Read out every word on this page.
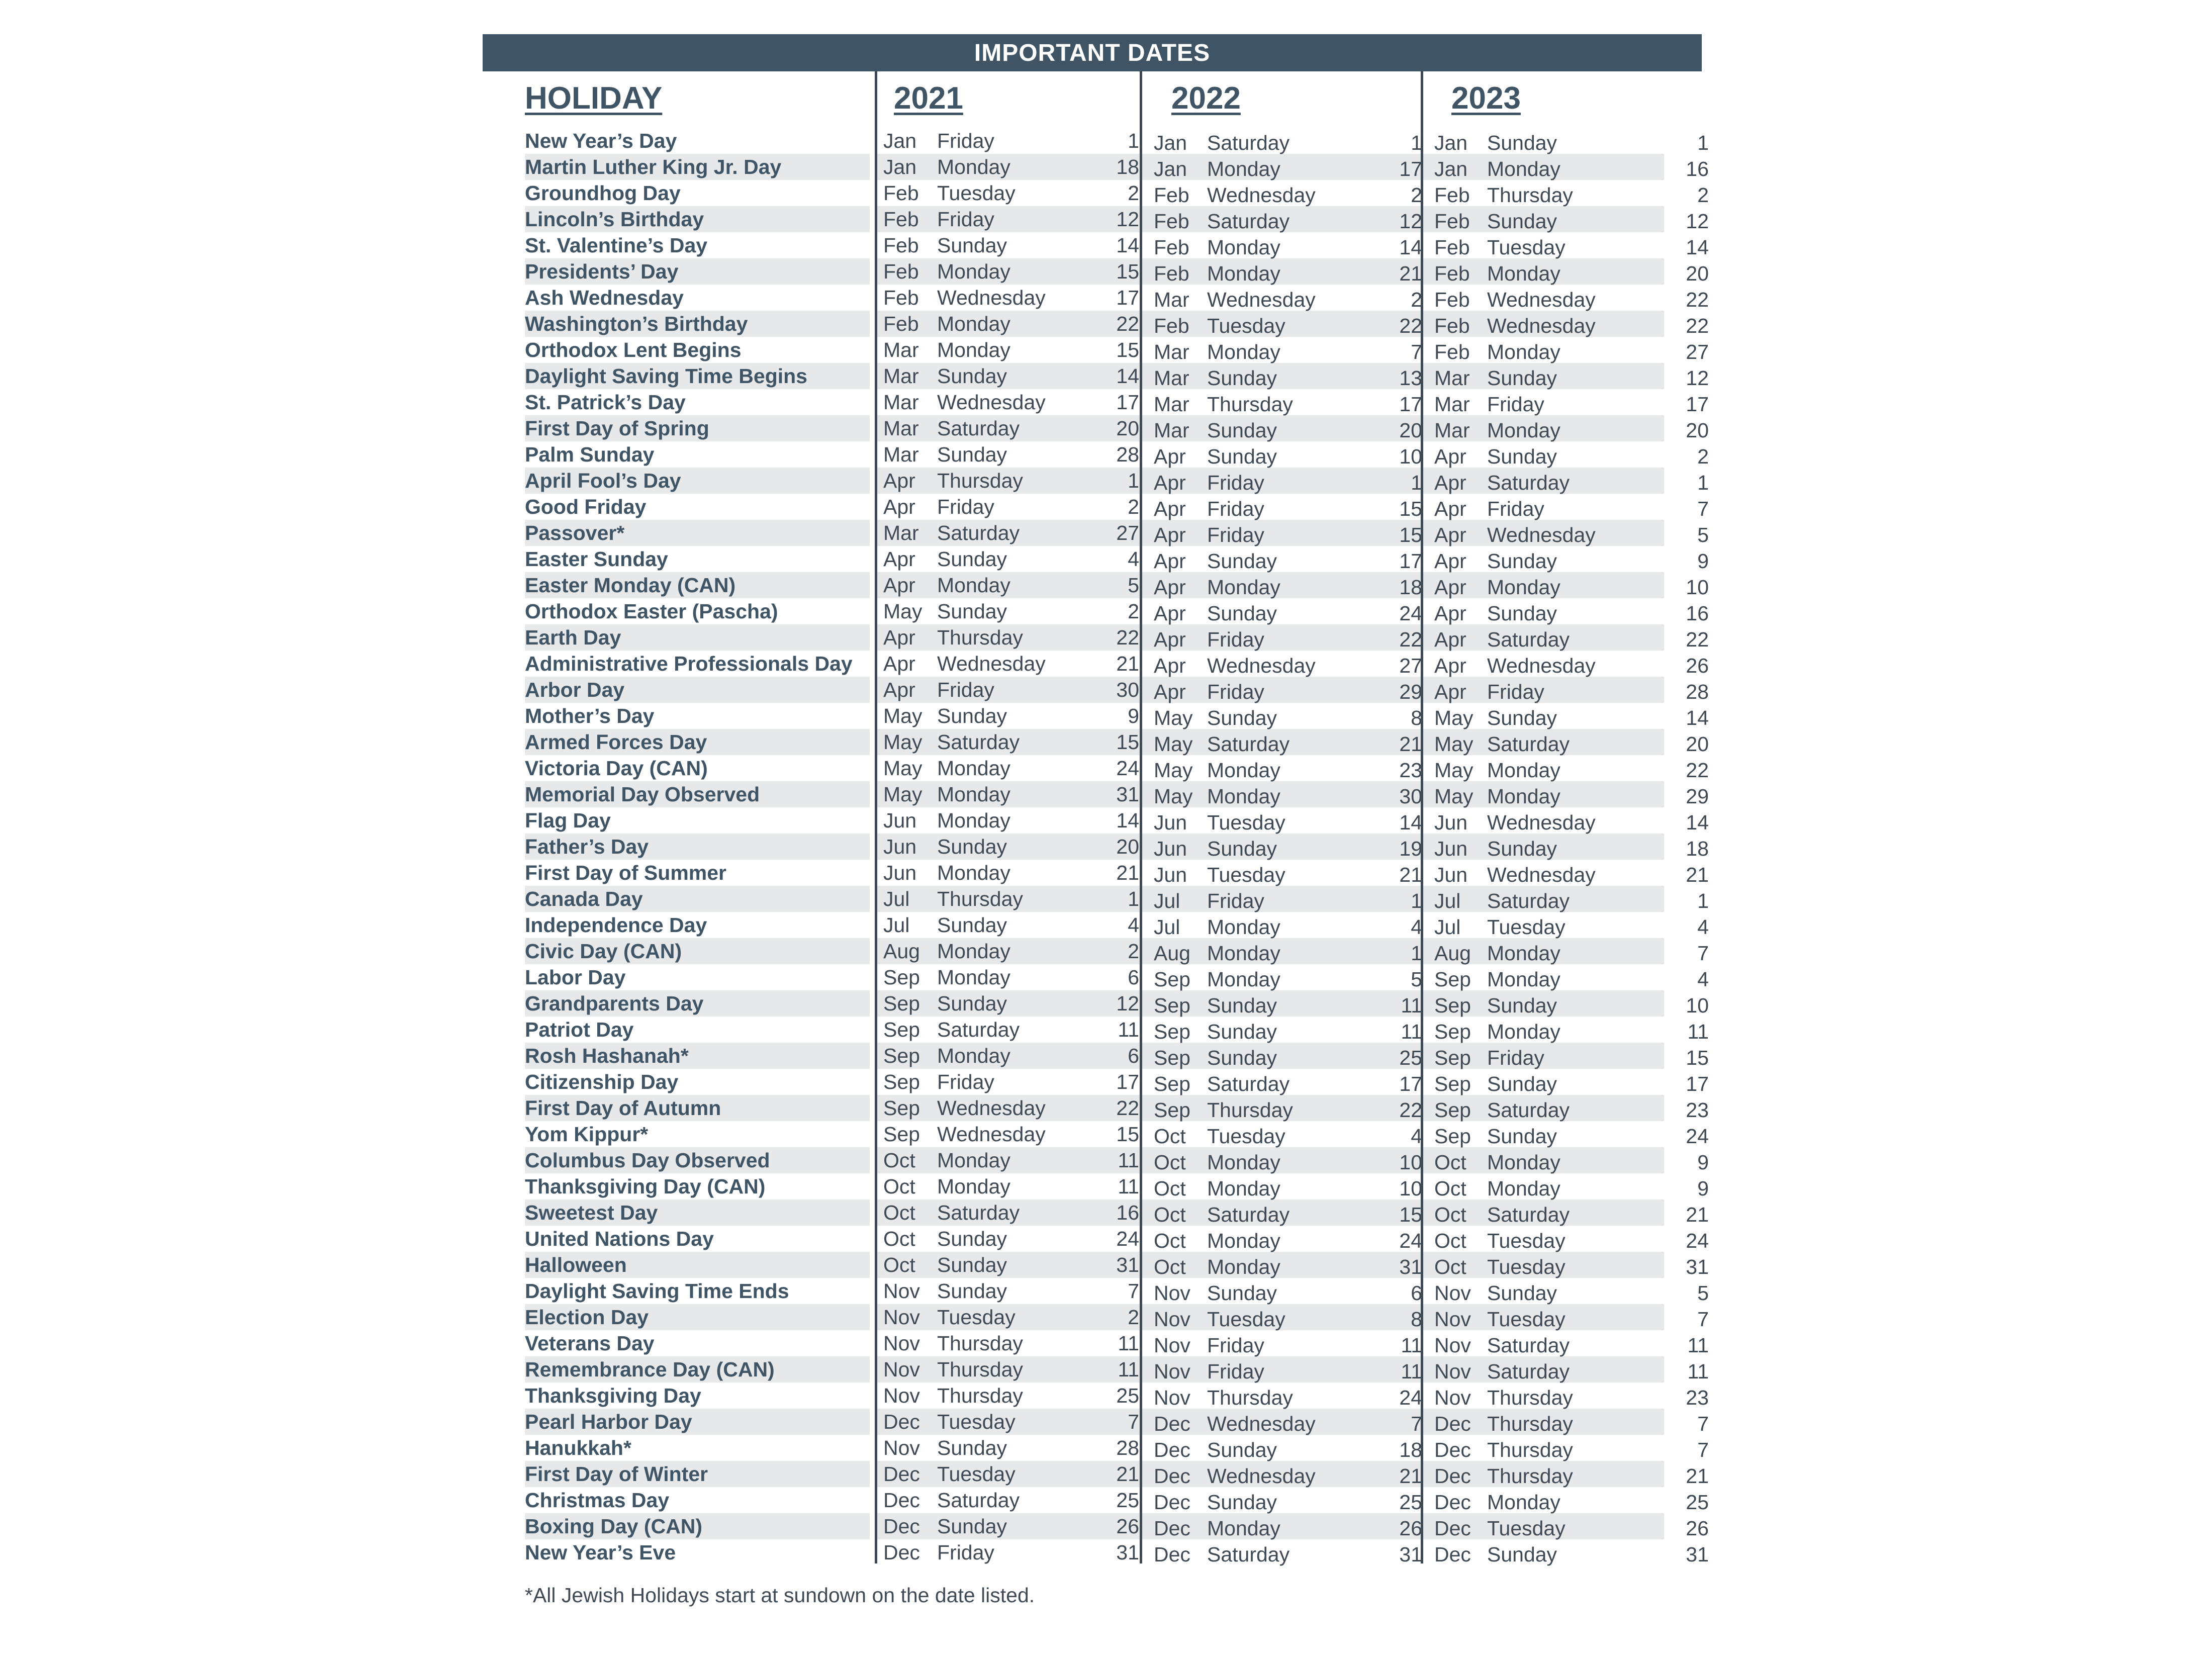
IMPORTANT DATES
HOLIDAY	2021	2022	2023
New Year’s Day	Jan Friday	1 Jan Saturday	1 Jan Sunday	1
Martin Luther King Jr. Day	Jan Monday	18 Jan Monday	17 Jan Monday	16
Groundhog Day	Feb Tuesday	2 Feb Wednesday	2 Feb Thursday	2
Lincoln’s Birthday	Feb Friday	12 Feb Saturday	12 Feb Sunday	12
St. Valentine’s Day	Feb Sunday	14 Feb Monday	14 Feb Tuesday	14
Presidents’ Day	Feb Monday	15 Feb Monday	21 Feb Monday	20
Ash Wednesday	Feb Wednesday	17 Mar Wednesday	2 Feb Wednesday	22
Washington’s Birthday	Feb Monday	22 Feb Tuesday	22 Feb Wednesday	22
Orthodox Lent Begins	Mar Monday	15 Mar Monday	7 Feb Monday	27
Daylight Saving Time Begins	Mar Sunday	14 Mar Sunday	13 Mar Sunday	12
St. Patrick’s Day	Mar Wednesday	17 Mar Thursday	17 Mar Friday	17
First Day of Spring	Mar Saturday	20 Mar Sunday	20 Mar Monday	20
Palm Sunday	Mar Sunday	28 Apr Sunday	10 Apr Sunday	2
April Fool’s Day	Apr Thursday	1 Apr Friday	1 Apr Saturday	1
Good Friday	Apr Friday	2 Apr Friday	15 Apr Friday	7
Passover*	Mar Saturday	27 Apr Friday	15 Apr Wednesday	5
Easter Sunday	Apr Sunday	4 Apr Sunday	17 Apr Sunday	9
Easter Monday (CAN)	Apr Monday	5 Apr Monday	18 Apr Monday	10
Orthodox Easter (Pascha)	May Sunday	2 Apr Sunday	24 Apr Sunday	16
Earth Day	Apr Thursday	22 Apr Friday	22 Apr Saturday	22
Administrative Professionals Day Apr Wednesday	21 Apr Wednesday	27 Apr Wednesday	26
Arbor Day	Apr Friday	30 Apr Friday	29 Apr Friday	28
Mother’s Day	May Sunday	9 May Sunday	8 May Sunday	14
Armed Forces Day	May Saturday	15 May Saturday	21 May Saturday	20
Victoria Day (CAN)	May Monday	24 May Monday	23 May Monday	22
Memorial Day Observed	May Monday	31 May Monday	30 May Monday	29
Flag Day	Jun Monday	14 Jun Tuesday	14 Jun Wednesday	14
Father’s Day	Jun Sunday	20 Jun Sunday	19 Jun Sunday	18
First Day of Summer	Jun Monday	21 Jun Tuesday	21 Jun Wednesday	21
Canada Day	Jul Thursday	1 Jul Friday	1 Jul Saturday	1
Independence Day	Jul Sunday	4 Jul Monday	4 Jul Tuesday	4
Civic Day (CAN)	Aug Monday	2 Aug Monday	1 Aug Monday	7
Labor Day	Sep Monday	6 Sep Monday	5 Sep Monday	4
Grandparents Day	Sep Sunday	12 Sep Sunday	11 Sep Sunday	10
Patriot Day	Sep Saturday	11 Sep Sunday	11 Sep Monday	11
Rosh Hashanah*	Sep Monday	6 Sep Sunday	25 Sep Friday	15
Citizenship Day	Sep Friday	17 Sep Saturday	17 Sep Sunday	17
First Day of Autumn	Sep Wednesday	22 Sep Thursday	22 Sep Saturday	23
Yom Kippur*	Sep Wednesday	15 Oct Tuesday	4 Sep Sunday	24
Columbus Day Observed	Oct Monday	11 Oct Monday	10 Oct Monday	9
Thanksgiving Day (CAN)	Oct Monday	11 Oct Monday	10 Oct Monday	9
Sweetest Day	Oct Saturday	16 Oct Saturday	15 Oct Saturday	21
United Nations Day	Oct Sunday	24 Oct Monday	24 Oct Tuesday	24
Halloween	Oct Sunday	31 Oct Monday	31 Oct Tuesday	31
Daylight Saving Time Ends	Nov Sunday	7 Nov Sunday	6 Nov Sunday	5
Election Day	Nov Tuesday	2 Nov Tuesday	8 Nov Tuesday	7
Veterans Day	Nov Thursday	11 Nov Friday	11 Nov Saturday	11
Remembrance Day (CAN)	Nov Thursday	11 Nov Friday	11 Nov Saturday	11
Thanksgiving Day	Nov Thursday	25 Nov Thursday	24 Nov Thursday	23
Pearl Harbor Day	Dec Tuesday	7 Dec Wednesday	7 Dec Thursday	7
Hanukkah*	Nov Sunday	28 Dec Sunday	18 Dec Thursday	7
First Day of Winter	Dec Tuesday	21 Dec Wednesday	21 Dec Thursday	21
Christmas Day	Dec Saturday	25 Dec Sunday	25 Dec Monday	25
Boxing Day (CAN)	Dec Sunday	26 Dec Monday	26 Dec Tuesday	26
New Year’s Eve	Dec Friday	31 Dec Saturday	31 Dec Sunday	31
*All Jewish Holidays start at sundown on the date listed.
